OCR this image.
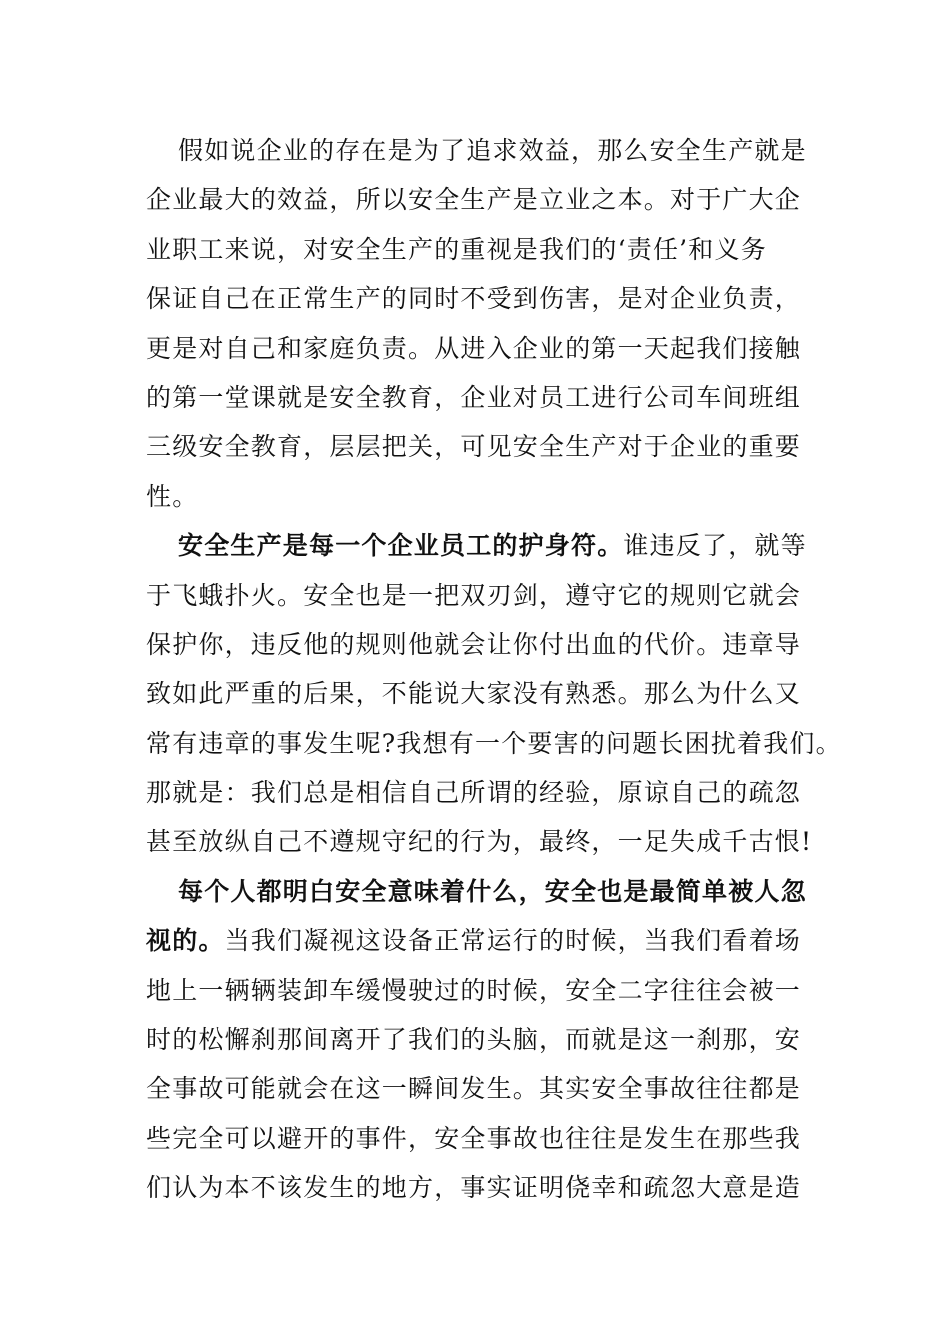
假如说企业的存在是为了追求效益，那么安全生产就是
企业最大的效益，所以安全生产是立业之本。对于广大企
业职工来说，对安全生产的重视是我们的‘责任’和义务
保证自己在正常生产的同时不受到伤害，是对企业负责，
更是对自己和家庭负责。从进入企业的第一天起我们接触
的第一堂课就是安全教育，企业对员工进行公司车间班组
三级安全教育，层层把关，可见安全生产对于企业的重要
性。
安全生产是每一个企业员工的护身符。谁违反了，就等
于飞蛾扑火。安全也是一把双刃剑，遵守它的规则它就会
保护你，违反他的规则他就会让你付出血的代价。违章导
致如此严重的后果，不能说大家没有熟悉。那么为什么又
常有违章的事发生呢?我想有一个要害的问题长困扰着我们。
那就是：我们总是相信自己所谓的经验，原谅自己的疏忽
甚至放纵自己不遵规守纪的行为，最终，一足失成千古恨!
每个人都明白安全意味着什么，安全也是最简单被人忽
视的。当我们凝视这设备正常运行的时候，当我们看着场
地上一辆辆装卸车缓慢驶过的时候，安全二字往往会被一
时的松懈刹那间离开了我们的头脑，而就是这一刹那，安
全事故可能就会在这一瞬间发生。其实安全事故往往都是
些完全可以避开的事件，安全事故也往往是发生在那些我
们认为本不该发生的地方，事实证明侥幸和疏忽大意是造
